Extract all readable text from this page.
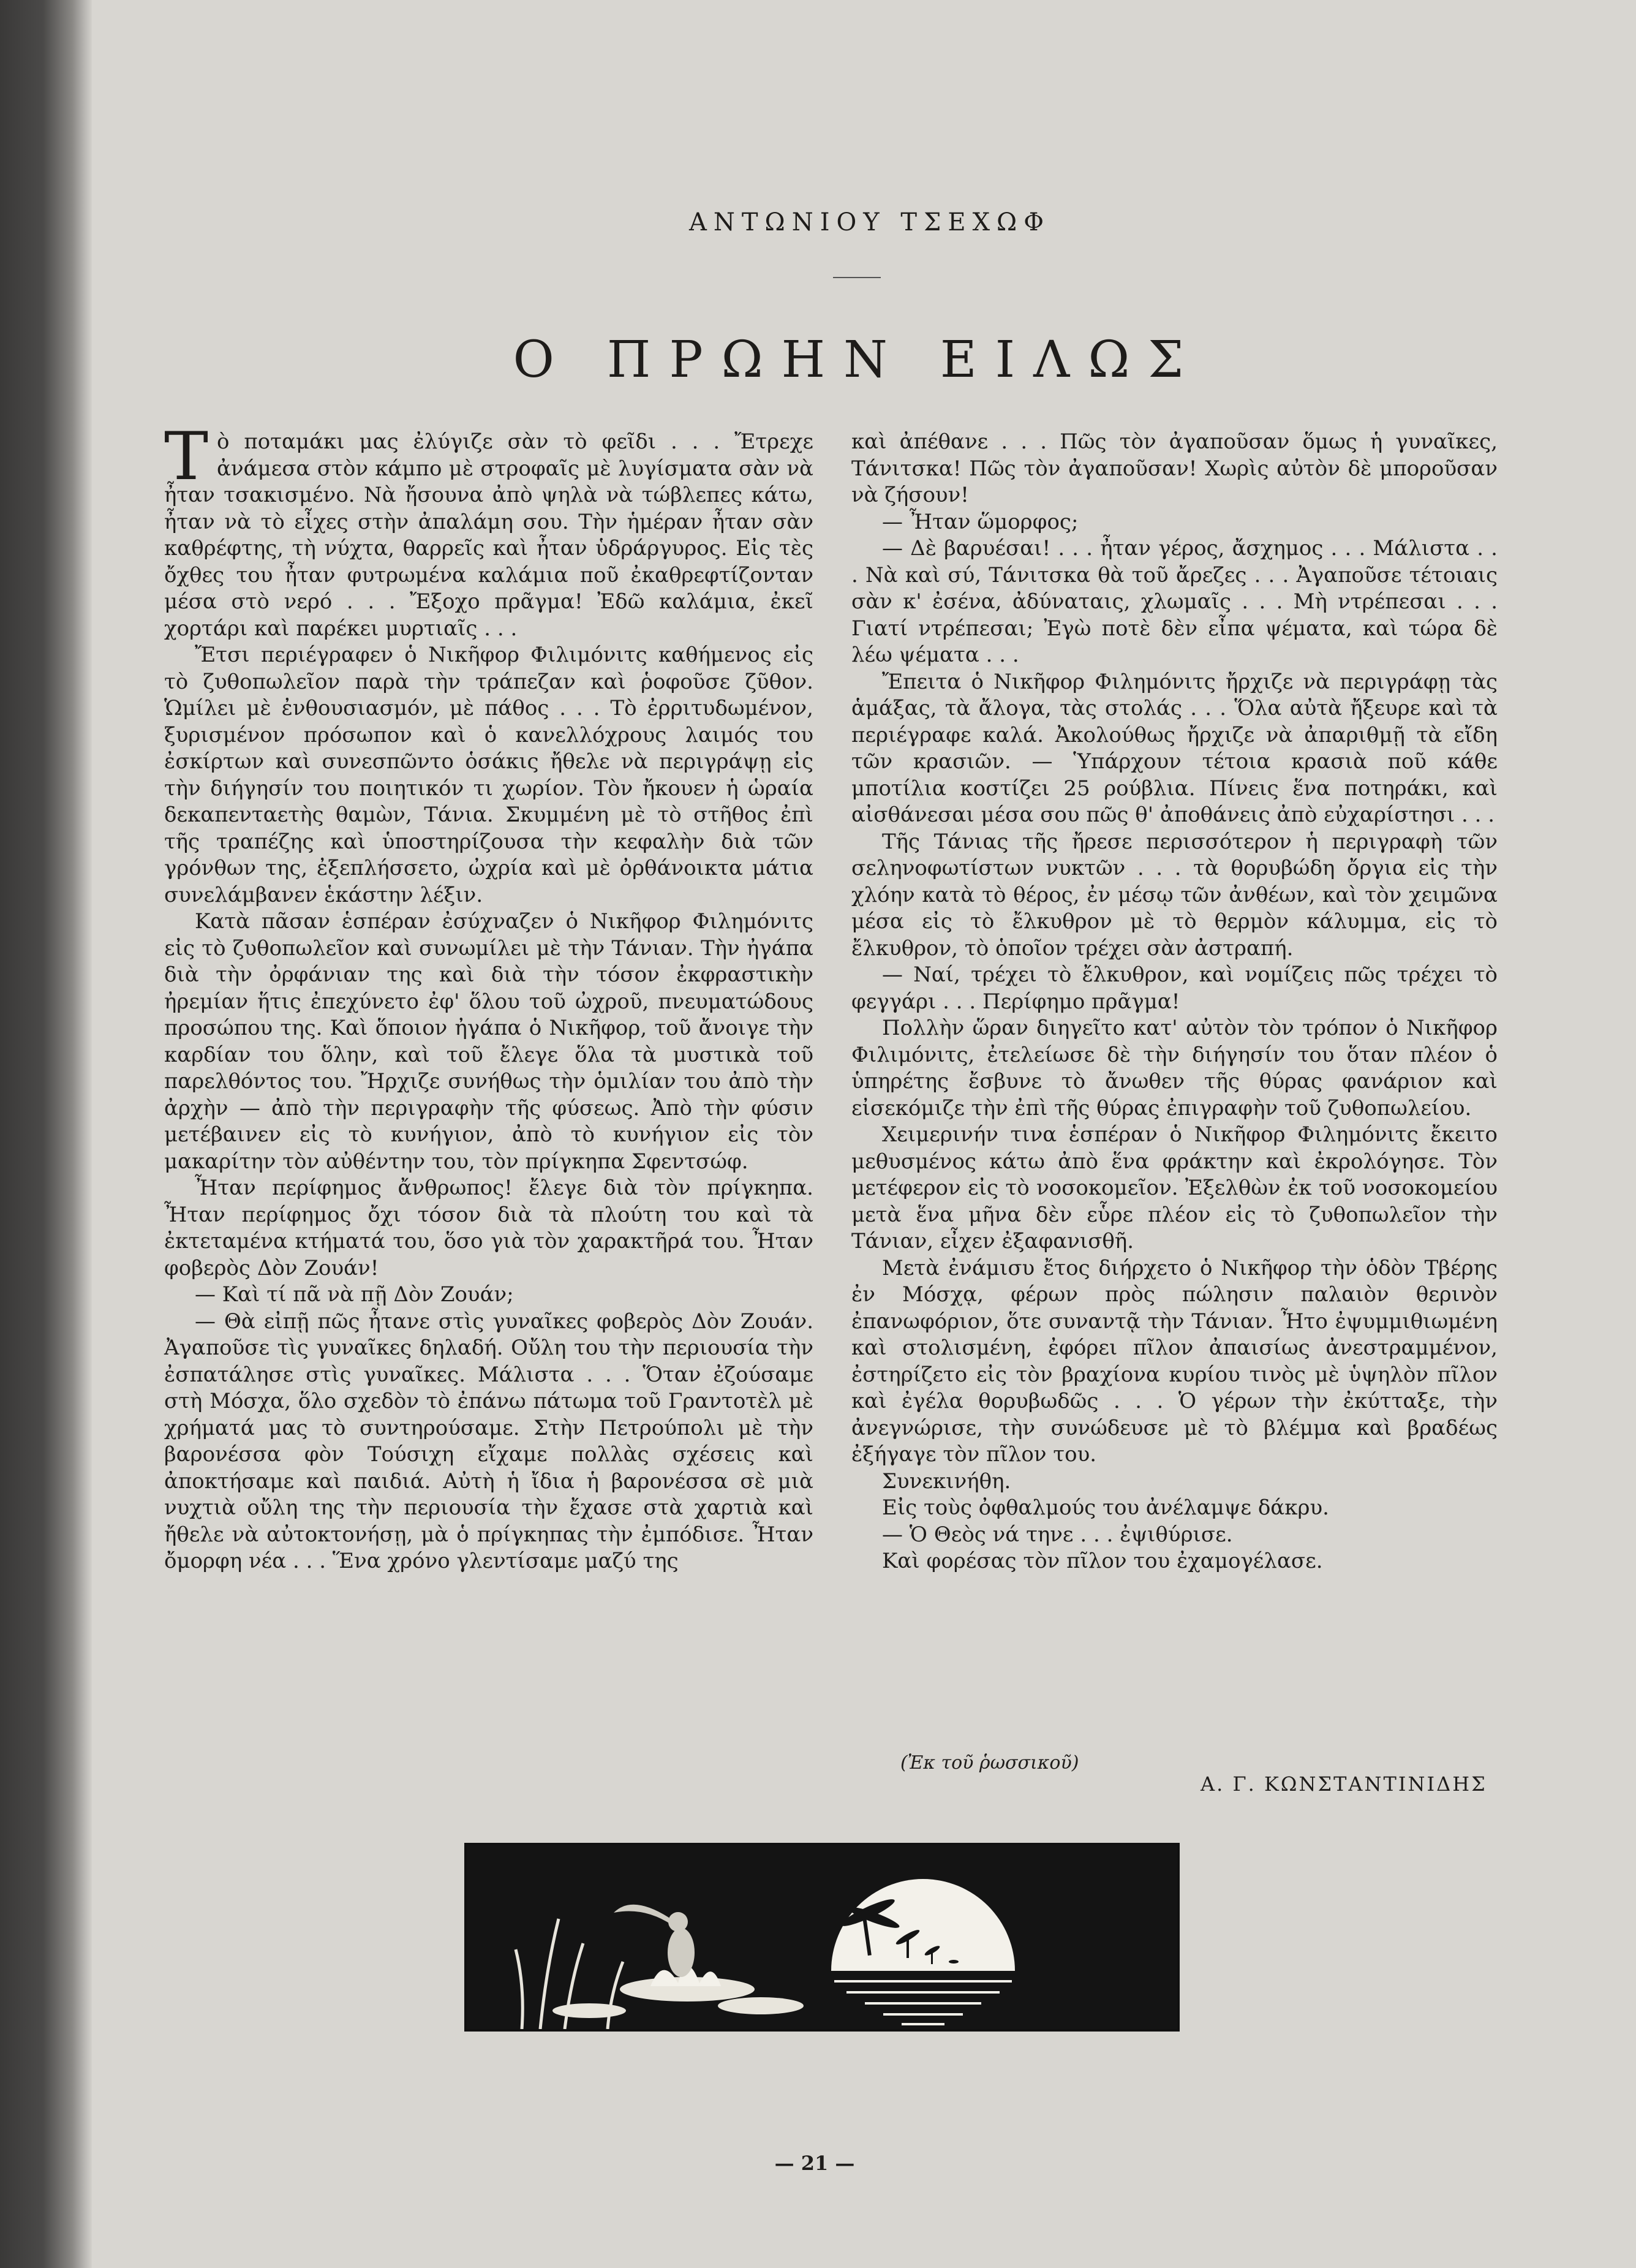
ΑΝΤΩΝΙΟΥ ΤΣΕΧΩΦ
Ο ΠΡΩΗΝ ΕΙΛΩΣ

Τὸ ποταμάκι μας ἐλύγιζε σὰν τὸ φεῖδι . . . Ἔτρεχε ἀνάμεσα στὸν κάμπο μὲ στροφαῖς μὲ λυγίσματα σὰν νὰ ἦταν τσακισμένο. Νὰ ἤσουνα ἀπὸ ψηλὰ νὰ τώβλεπες κάτω, ἦταν νὰ τὸ εἶχες στὴν ἀπαλάμη σου. Τὴν ἡμέραν ἦταν σὰν καθρέφτης, τὴ νύχτα, θαρρεῖς καὶ ἦταν ὑδράργυρος. Εἰς τὲς ὄχθες του ἦταν φυτρωμένα καλάμια ποῦ ἐκαθρεφτίζονταν μέσα στὸ νερό . . . Ἔξοχο πρᾶγμα! Ἐδῶ καλάμια, ἐκεῖ χορτάρι καὶ παρέκει μυρτιαῖς . . .

Ἔτσι περιέγραφεν ὁ Νικῆφορ Φιλιμόνιτς καθήμενος εἰς τὸ ζυθοπωλεῖον παρὰ τὴν τράπεζαν καὶ ῥοφοῦσε ζῦθον. Ὡμίλει μὲ ἐνθουσιασμόν, μὲ πάθος . . . Τὸ ἐρριτυδωμένον, ξυρισμένον πρόσωπον καὶ ὁ κανελλόχρους λαιμός του ἐσκίρτων καὶ συνεσπῶντο ὁσάκις ἤθελε νὰ περιγράψῃ εἰς τὴν διήγησίν του ποιητικόν τι χωρίον. Τὸν ἤκουεν ἡ ὡραία δεκαπενταετὴς θαμὼν, Τάνια. Σκυμμένη μὲ τὸ στῆθος ἐπὶ τῆς τραπέζης καὶ ὑποστηρίζουσα τὴν κεφαλὴν διὰ τῶν γρόνθων της, ἐξεπλήσσετο, ὠχρία καὶ μὲ ὀρθάνοικτα μάτια συνελάμβανεν ἑκάστην λέξιν.

Κατὰ πᾶσαν ἑσπέραν ἐσύχναζεν ὁ Νικῆφορ Φιλημόνιτς εἰς τὸ ζυθοπωλεῖον καὶ συνωμίλει μὲ τὴν Τάνιαν. Τὴν ἠγάπα διὰ τὴν ὀρφάνιαν της καὶ διὰ τὴν τόσον ἐκφραστικὴν ἠρεμίαν ἥτις ἐπεχύνετο ἐφ' ὅλου τοῦ ὠχροῦ, πνευματώδους προσώπου της. Καὶ ὅποιον ἠγάπα ὁ Νικῆφορ, τοῦ ἄνοιγε τὴν καρδίαν του ὅλην, καὶ τοῦ ἔλεγε ὅλα τὰ μυστικὰ τοῦ παρελθόντος του. Ἤρχιζε συνήθως τὴν ὁμιλίαν του ἀπὸ τὴν ἀρχὴν — ἀπὸ τὴν περιγραφὴν τῆς φύσεως. Ἀπὸ τὴν φύσιν μετέβαινεν εἰς τὸ κυνήγιον, ἀπὸ τὸ κυνήγιον εἰς τὸν μακαρίτην τὸν αὐθέντην του, τὸν πρίγκηπα Σφεντσώφ.

Ἦταν περίφημος ἄνθρωπος! ἔλεγε διὰ τὸν πρίγκηπα. Ἦταν περίφημος ὄχι τόσον διὰ τὰ πλούτη του καὶ τὰ ἐκτεταμένα κτήματά του, ὅσο γιὰ τὸν χαρακτῆρά του. Ἦταν φοβερὸς Δὸν Ζουάν!

— Καὶ τί πᾶ νὰ πῇ Δὸν Ζουάν;

— Θὰ εἰπῇ πῶς ἦτανε στὶς γυναῖκες φοβερὸς Δὸν Ζουάν. Ἀγαποῦσε τὶς γυναῖκες δηλαδή. Οὔλη του τὴν περιουσία τὴν ἐσπατάλησε στὶς γυναῖκες. Μάλιστα . . . Ὅταν ἐζούσαμε στὴ Μόσχα, ὅλο σχεδὸν τὸ ἐπάνω πάτωμα τοῦ Γραντοτὲλ μὲ χρήματά μας τὸ συντηρούσαμε. Στὴν Πετρούπολι μὲ τὴν βαρονέσσα φὸν Τούσιχη εἴχαμε πολλὰς σχέσεις καὶ ἀποκτήσαμε καὶ παιδιά. Αὐτὴ ἡ ἴδια ἡ βαρονέσσα σὲ μιὰ νυχτιὰ οὔλη της τὴν περιουσία τὴν ἔχασε στὰ χαρτιὰ καὶ ἤθελε νὰ αὐτοκτονήσῃ, μὰ ὁ πρίγκηπας τὴν ἐμπόδισε. Ἦταν ὄμορφη νέα . . . Ἕνα χρόνο γλεντίσαμε μαζύ της

καὶ ἀπέθανε . . . Πῶς τὸν ἀγαποῦσαν ὅμως ἡ γυναῖκες, Τάνιτσκα! Πῶς τὸν ἀγαποῦσαν! Χωρὶς αὐτὸν δὲ μποροῦσαν νὰ ζήσουν!

— Ἦταν ὥμορφος;

— Δὲ βαρυέσαι! . . . ἦταν γέρος, ἄσχημος . . . Μάλιστα . . . Νὰ καὶ σύ, Τάνιτσκα θὰ τοῦ ἄρεζες . . . Ἀγαποῦσε τέτοιαις σὰν κ' ἐσένα, ἀδύναταις, χλωμαῖς . . . Μὴ ντρέπεσαι . . . Γιατί ντρέπεσαι; Ἐγὼ ποτὲ δὲν εἶπα ψέματα, καὶ τώρα δὲ λέω ψέματα . . .

Ἔπειτα ὁ Νικῆφορ Φιλημόνιτς ἤρχιζε νὰ περιγράφῃ τὰς ἁμάξας, τὰ ἄλογα, τὰς στολάς . . . Ὅλα αὐτὰ ἤξευρε καὶ τὰ περιέγραφε καλά. Ἀκολούθως ἤρχιζε νὰ ἀπαριθμῇ τὰ εἴδη τῶν κρασιῶν. — Ὑπάρχουν τέτοια κρασιὰ ποῦ κάθε μποτίλια κοστίζει 25 ρούβλια. Πίνεις ἕνα ποτηράκι, καὶ αἰσθάνεσαι μέσα σου πῶς θ' ἀποθάνεις ἀπὸ εὐχαρίστησι . . .

Τῆς Τάνιας τῆς ἤρεσε περισσότερον ἡ περιγραφὴ τῶν σεληνοφωτίστων νυκτῶν . . . τὰ θορυβώδη ὄργια εἰς τὴν χλόην κατὰ τὸ θέρος, ἐν μέσῳ τῶν ἀνθέων, καὶ τὸν χειμῶνα μέσα εἰς τὸ ἔλκυθρον μὲ τὸ θερμὸν κάλυμμα, εἰς τὸ ἔλκυθρον, τὸ ὁποῖον τρέχει σὰν ἀστραπή.

— Ναί, τρέχει τὸ ἔλκυθρον, καὶ νομίζεις πῶς τρέχει τὸ φεγγάρι . . . Περίφημο πρᾶγμα!

Πολλὴν ὥραν διηγεῖτο κατ' αὐτὸν τὸν τρόπον ὁ Νικῆφορ Φιλιμόνιτς, ἐτελείωσε δὲ τὴν διήγησίν του ὅταν πλέον ὁ ὑπηρέτης ἔσβυνε τὸ ἄνωθεν τῆς θύρας φανάριον καὶ εἰσεκόμιζε τὴν ἐπὶ τῆς θύρας ἐπιγραφὴν τοῦ ζυθοπωλείου.

Χειμερινήν τινα ἑσπέραν ὁ Νικῆφορ Φιλημόνιτς ἔκειτο μεθυσμένος κάτω ἀπὸ ἕνα φράκτην καὶ ἐκρoλόγησε. Τὸν μετέφερον εἰς τὸ νοσοκομεῖον. Ἐξελθὼν ἐκ τοῦ νοσοκομείου μετὰ ἕνα μῆνα δὲν εὗρε πλέον εἰς τὸ ζυθοπωλεῖον τὴν Τάνιαν, εἶχεν ἐξαφανισθῆ.

Μετὰ ἐνάμισυ ἔτος διήρχετο ὁ Νικῆφορ τὴν ὁδὸν Τβέρης ἐν Μόσχᾳ, φέρων πρὸς πώλησιν παλαιὸν θερινὸν ἐπανωφόριον, ὅτε συναντᾷ τὴν Τάνιαν. Ἦτο ἐψυμμιθιωμένη καὶ στολισμένη, ἐφόρει πῖλον ἀπαισίως ἀνεστραμμένον, ἐστηρίζετο εἰς τὸν βραχίονα κυρίου τινὸς μὲ ὑψηλὸν πῖλον καὶ ἐγέλα θορυβωδῶς . . . Ὁ γέρων τὴν ἐκύτταξε, τὴν ἀνεγνώρισε, τὴν συνώδευσε μὲ τὸ βλέμμα καὶ βραδέως ἐξήγαγε τὸν πῖλον του.

Συνεκινήθη.

Εἰς τοὺς ὀφθαλμούς του ἀνέλαμψε δάκρυ.

— Ὁ Θεὸς νά τηνε . . . ἐψιθύρισε.

Καὶ φορέσας τὸν πῖλον του ἐχαμογέλασε.

(Ἐκ τοῦ ῥωσσικοῦ)
Α. Γ. ΚΩΝΣΤΑΝΤΙΝΙΔΗΣ
— 21 —
